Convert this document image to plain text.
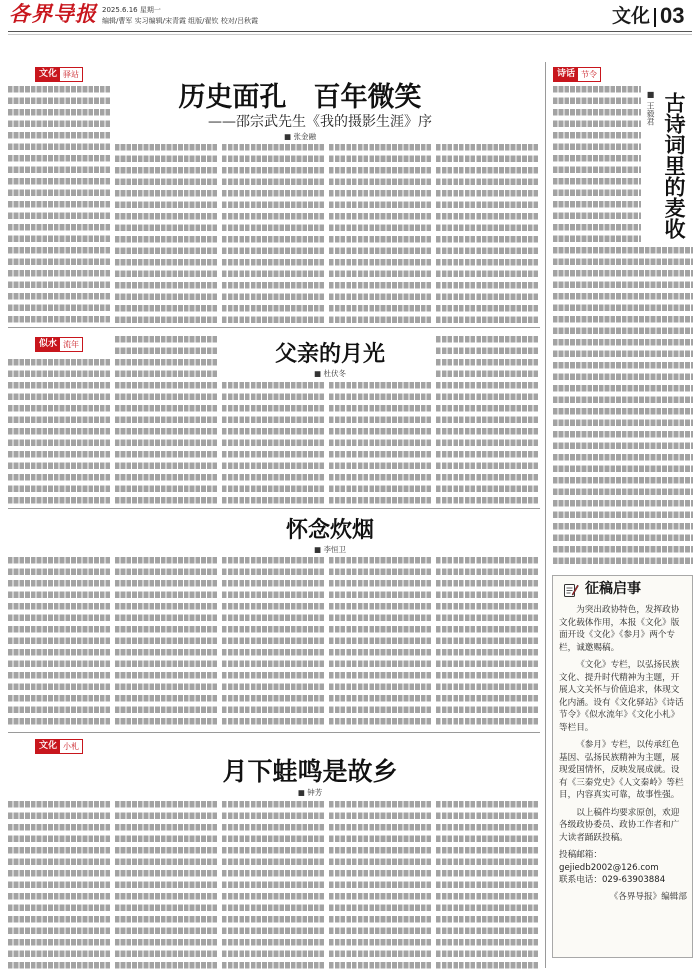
各界导报 2025.6.16 星期一
编辑/曹军 实习编辑/宋青霞 组版/翟钦 校对/吕秋霞	文化 03
文化 驿站
历史面孔　百年微笑
——邵宗武先生《我的摄影生涯》序
■ 张金融
似水 流年	父亲的月光
■ 杜伏冬
怀念炊烟
■ 李恒卫
文化 小札
月下蛙鸣是故乡
■ 钟芳
诗话 节令
■ 王毅君 古诗词里的麦收
征稿启事

为突出政协特色，发挥政协文化载体作用，本报《文化》版面开设《文化》《参月》两个专栏，诚邀赐稿。

《文化》专栏，以弘扬民族文化、提升时代精神为主题，开展人文关怀与价值追求，体现文化内涵。设有《文化驿站》《诗话节令》《似水流年》《文化小札》等栏目。

《参月》专栏，以传承红色基因、弘扬民族精神为主题，展现爱国情怀，反映发展成就。设有《三秦党史》《人文秦岭》等栏目，内容真实可靠，故事性强。

以上稿件均要求原创，欢迎各级政协委员、政协工作者和广大读者踊跃投稿。

投稿邮箱：
gejiedb2002@126.com
联系电话：029-63903884
《各界导报》编辑部
